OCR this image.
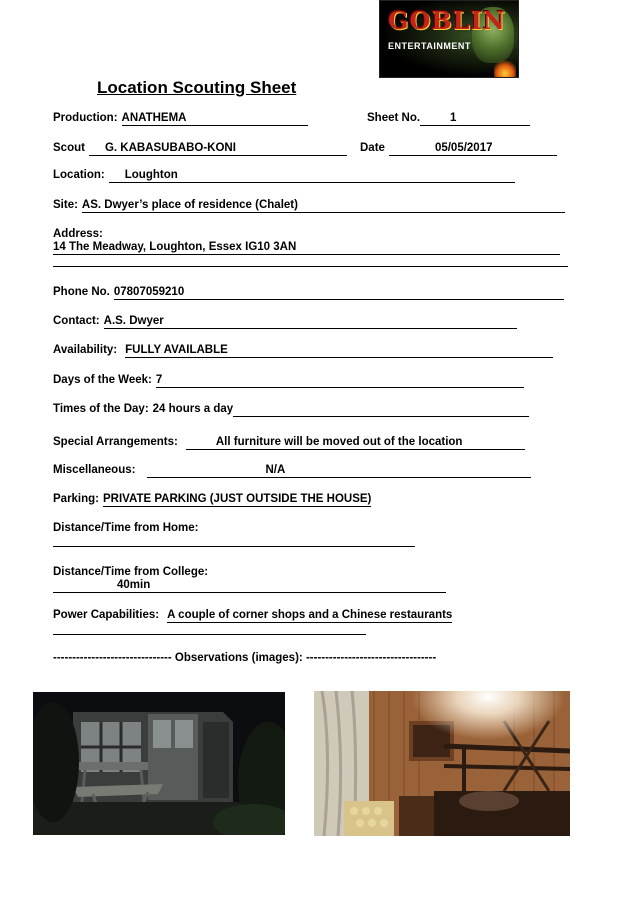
GOBLIN
ENTERTAINMENT
Location Scouting Sheet
Production: ANATHEMA	Sheet No.	1
Scout G. KABASUBABO-KONI	Date	05/05/2017
Location: Loughton
Site: AS. Dwyer’s place of residence (Chalet)
Address:
14 The Meadway, Loughton, Essex IG10 3AN
Phone No. 07807059210
Contact: A.S. Dwyer
Availability: FULLY AVAILABLE
Days of the Week: 7
Times of the Day: 24 hours a day
Special Arrangements:	All furniture will be moved out of the location
Miscellaneous:	N/A
Parking: PRIVATE PARKING (JUST OUTSIDE THE HOUSE)
Distance/Time from Home:
Distance/Time from College:
40min
Power Capabilities: A couple of corner shops and a Chinese restaurants
------------------------------- Observations (images): ----------------------------------
